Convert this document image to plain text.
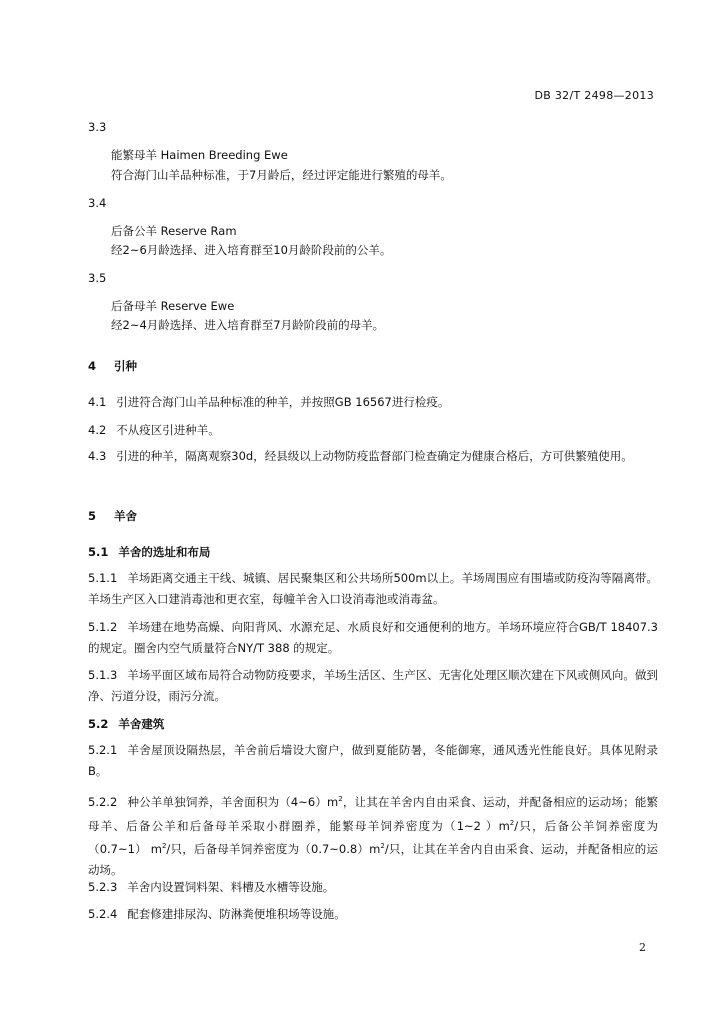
DB 32/T 2498—2013
3.3
能繁母羊 Haimen Breeding Ewe
符合海门山羊品种标准，于7月龄后，经过评定能进行繁殖的母羊。
3.4
后备公羊 Reserve Ram
经2~6月龄选择、进入培育群至10月龄阶段前的公羊。
3.5
后备母羊 Reserve Ewe
经2~4月龄选择、进入培育群至7月龄阶段前的母羊。
4 引种
4.1 引进符合海门山羊品种标准的种羊，并按照GB 16567进行检疫。
4.2 不从疫区引进种羊。
4.3 引进的种羊，隔离观察30d，经县级以上动物防疫监督部门检查确定为健康合格后，方可供繁殖使用。
5 羊舍
5.1 羊舍的选址和布局
5.1.1 羊场距离交通主干线、城镇、居民聚集区和公共场所500m以上。羊场周围应有围墙或防疫沟等隔离带。羊场生产区入口建消毒池和更衣室，每幢羊舍入口设消毒池或消毒盆。
5.1.2 羊场建在地势高燥、向阳背风、水源充足、水质良好和交通便利的地方。羊场环境应符合GB/T 18407.3的规定。圈舍内空气质量符合NY/T 388 的规定。
5.1.3 羊场平面区域布局符合动物防疫要求，羊场生活区、生产区、无害化处理区顺次建在下风或侧风向。做到净、污道分设，雨污分流。
5.2 羊舍建筑
5.2.1 羊舍屋顶设隔热层，羊舍前后墙设大窗户，做到夏能防暑，冬能御寒，通风透光性能良好。具体见附录B。
5.2.2 种公羊单独饲养，羊舍面积为$(4\sim 6)m^2$，让其在羊舍内自由采食、运动，并配备相应的运动场；能繁母羊、后备公羊和后备母羊采取小群圈养，能繁母羊饲养密度为（1~2 ）$m^2/$只，后备公羊饲养密度为（0.7~1） $m^2/$只，后备母羊饲养密度为$(0.7\sim 0.8)m^2/$只，让其在羊舍内自由采食、运动，并配备相应的运动场。
5.2.3 羊舍内设置饲料架、料槽及水槽等设施。
5.2.4 配套修建排尿沟、防淋粪便堆积场等设施。
2
